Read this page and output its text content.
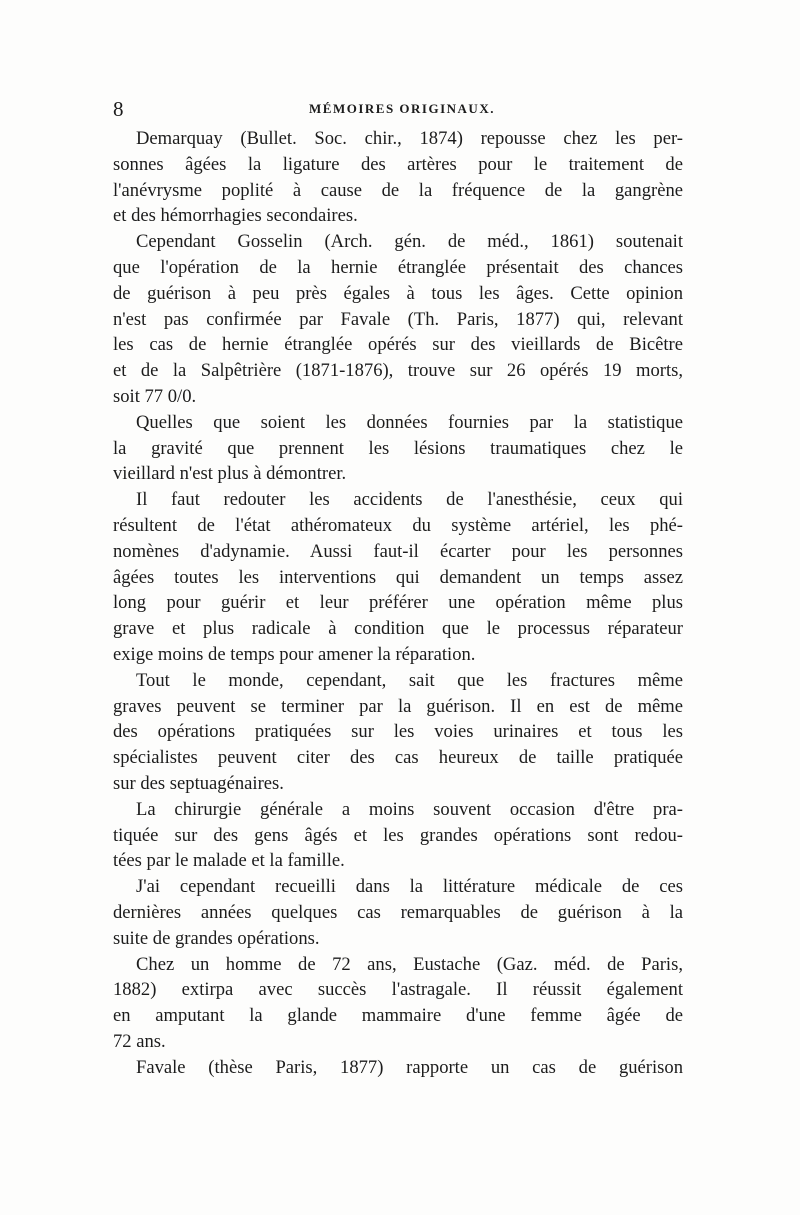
8	MÉMOIRES ORIGINAUX.
Demarquay (Bullet. Soc. chir., 1874) repousse chez les per-
sonnes âgées la ligature des artères pour le traitement de
l'anévrysme poplité à cause de la fréquence de la gangrène
et des hémorrhagies secondaires.
Cependant Gosselin (Arch. gén. de méd., 1861) soutenait
que l'opération de la hernie étranglée présentait des chances
de guérison à peu près égales à tous les âges. Cette opinion
n'est pas confirmée par Favale (Th. Paris, 1877) qui, relevant
les cas de hernie étranglée opérés sur des vieillards de Bicêtre
et de la Salpêtrière (1871-1876), trouve sur 26 opérés 19 morts,
soit 77 0/0.
Quelles que soient les données fournies par la statistique
la gravité que prennent les lésions traumatiques chez le
vieillard n'est plus à démontrer.
Il faut redouter les accidents de l'anesthésie, ceux qui
résultent de l'état athéromateux du système artériel, les phé-
nomènes d'adynamie. Aussi faut-il écarter pour les personnes
âgées toutes les interventions qui demandent un temps assez
long pour guérir et leur préférer une opération même plus
grave et plus radicale à condition que le processus réparateur
exige moins de temps pour amener la réparation.
Tout le monde, cependant, sait que les fractures même
graves peuvent se terminer par la guérison. Il en est de même
des opérations pratiquées sur les voies urinaires et tous les
spécialistes peuvent citer des cas heureux de taille pratiquée
sur des septuagénaires.
La chirurgie générale a moins souvent occasion d'être pra-
tiquée sur des gens âgés et les grandes opérations sont redou-
tées par le malade et la famille.
J'ai cependant recueilli dans la littérature médicale de ces
dernières années quelques cas remarquables de guérison à la
suite de grandes opérations.
Chez un homme de 72 ans, Eustache (Gaz. méd. de Paris,
1882) extirpa avec succès l'astragale. Il réussit également
en amputant la glande mammaire d'une femme âgée de
72 ans.
Favale (thèse Paris, 1877) rapporte un cas de guérison
